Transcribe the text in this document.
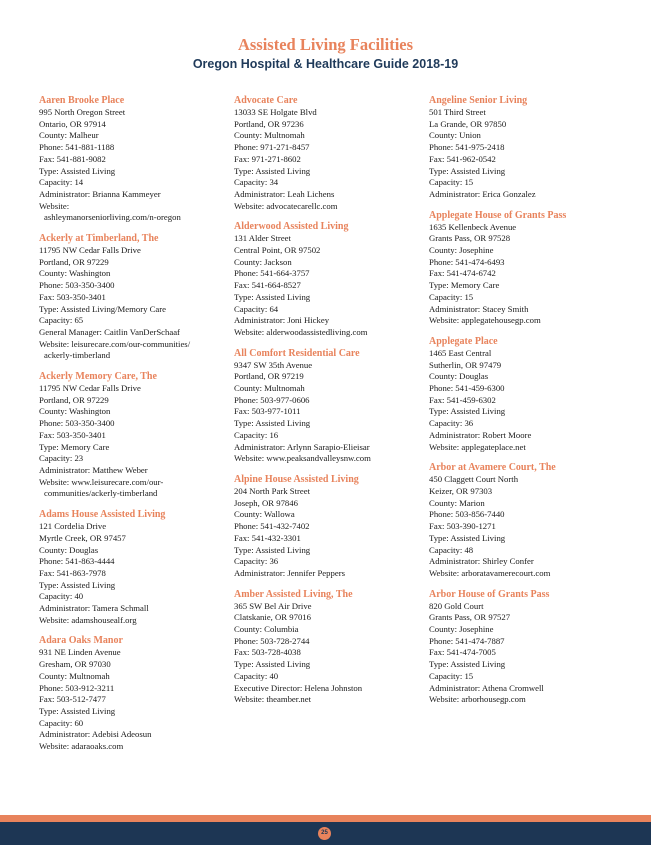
Assisted Living Facilities
Oregon Hospital & Healthcare Guide 2018-19
Aaren Brooke Place
995 North Oregon Street
Ontario, OR 97914
County: Malheur
Phone: 541-881-1188
Fax: 541-881-9082
Type: Assisted Living
Capacity: 14
Administrator: Brianna Kammeyer
Website:
ashleymanorseniorliving.com/n-oregon
Ackerly at Timberland, The
11795 NW Cedar Falls Drive
Portland, OR 97229
County: Washington
Phone: 503-350-3400
Fax: 503-350-3401
Type: Assisted Living/Memory Care
Capacity: 65
General Manager: Caitlin VanDerSchaaf
Website: leisurecare.com/our-communities/
ackerly-timberland
Ackerly Memory Care, The
11795 NW Cedar Falls Drive
Portland, OR 97229
County: Washington
Phone: 503-350-3400
Fax: 503-350-3401
Type: Memory Care
Capacity: 23
Administrator: Matthew Weber
Website: www.leisurecare.com/our-
communities/ackerly-timberland
Adams House Assisted Living
121 Cordelia Drive
Myrtle Creek, OR 97457
County: Douglas
Phone: 541-863-4444
Fax: 541-863-7978
Type: Assisted Living
Capacity: 40
Administrator: Tamera Schmall
Website: adamshousealf.org
Adara Oaks Manor
931 NE Linden Avenue
Gresham, OR 97030
County: Multnomah
Phone: 503-912-3211
Fax: 503-512-7477
Type: Assisted Living
Capacity: 60
Administrator: Adebisi Adeosun
Website: adaraoaks.com
Advocate Care
13033 SE Holgate Blvd
Portland, OR 97236
County: Multnomah
Phone: 971-271-8457
Fax: 971-271-8602
Type: Assisted Living
Capacity: 34
Administrator: Leah Lichens
Website: advocatecarellc.com
Alderwood Assisted Living
131 Alder Street
Central Point, OR 97502
County: Jackson
Phone: 541-664-3757
Fax: 541-664-8527
Type: Assisted Living
Capacity: 64
Administrator: Joni Hickey
Website: alderwoodassistedliving.com
All Comfort Residential Care
9347 SW 35th Avenue
Portland, OR 97219
County: Multnomah
Phone: 503-977-0606
Fax: 503-977-1011
Type: Assisted Living
Capacity: 16
Administrator: Arlynn Sarapio-Elieisar
Website: www.peaksandvalleysnw.com
Alpine House Assisted Living
204 North Park Street
Joseph, OR 97846
County: Wallowa
Phone: 541-432-7402
Fax: 541-432-3301
Type: Assisted Living
Capacity: 36
Administrator: Jennifer Peppers
Amber Assisted Living, The
365 SW Bel Air Drive
Clatskanie, OR 97016
County: Columbia
Phone: 503-728-2744
Fax: 503-728-4038
Type: Assisted Living
Capacity: 40
Executive Director: Helena Johnston
Website: theamber.net
Angeline Senior Living
501 Third Street
La Grande, OR 97850
County: Union
Phone: 541-975-2418
Fax: 541-962-0542
Type: Assisted Living
Capacity: 15
Administrator: Erica Gonzalez
Applegate House of Grants Pass
1635 Kellenbeck Avenue
Grants Pass, OR 97528
County: Josephine
Phone: 541-474-6493
Fax: 541-474-6742
Type: Memory Care
Capacity: 15
Administrator: Stacey Smith
Website: applegatehousegp.com
Applegate Place
1465 East Central
Sutherlin, OR 97479
County: Douglas
Phone: 541-459-6300
Fax: 541-459-6302
Type: Assisted Living
Capacity: 36
Administrator: Robert Moore
Website: applegateplace.net
Arbor at Avamere Court, The
450 Claggett Court North
Keizer, OR 97303
County: Marion
Phone: 503-856-7440
Fax: 503-390-1271
Type: Assisted Living
Capacity: 48
Administrator: Shirley Confer
Website: arboratavamerecourt.com
Arbor House of Grants Pass
820 Gold Court
Grants Pass, OR 97527
County: Josephine
Phone: 541-474-7887
Fax: 541-474-7005
Type: Assisted Living
Capacity: 15
Administrator: Athena Cromwell
Website: arborhousegp.com
25
